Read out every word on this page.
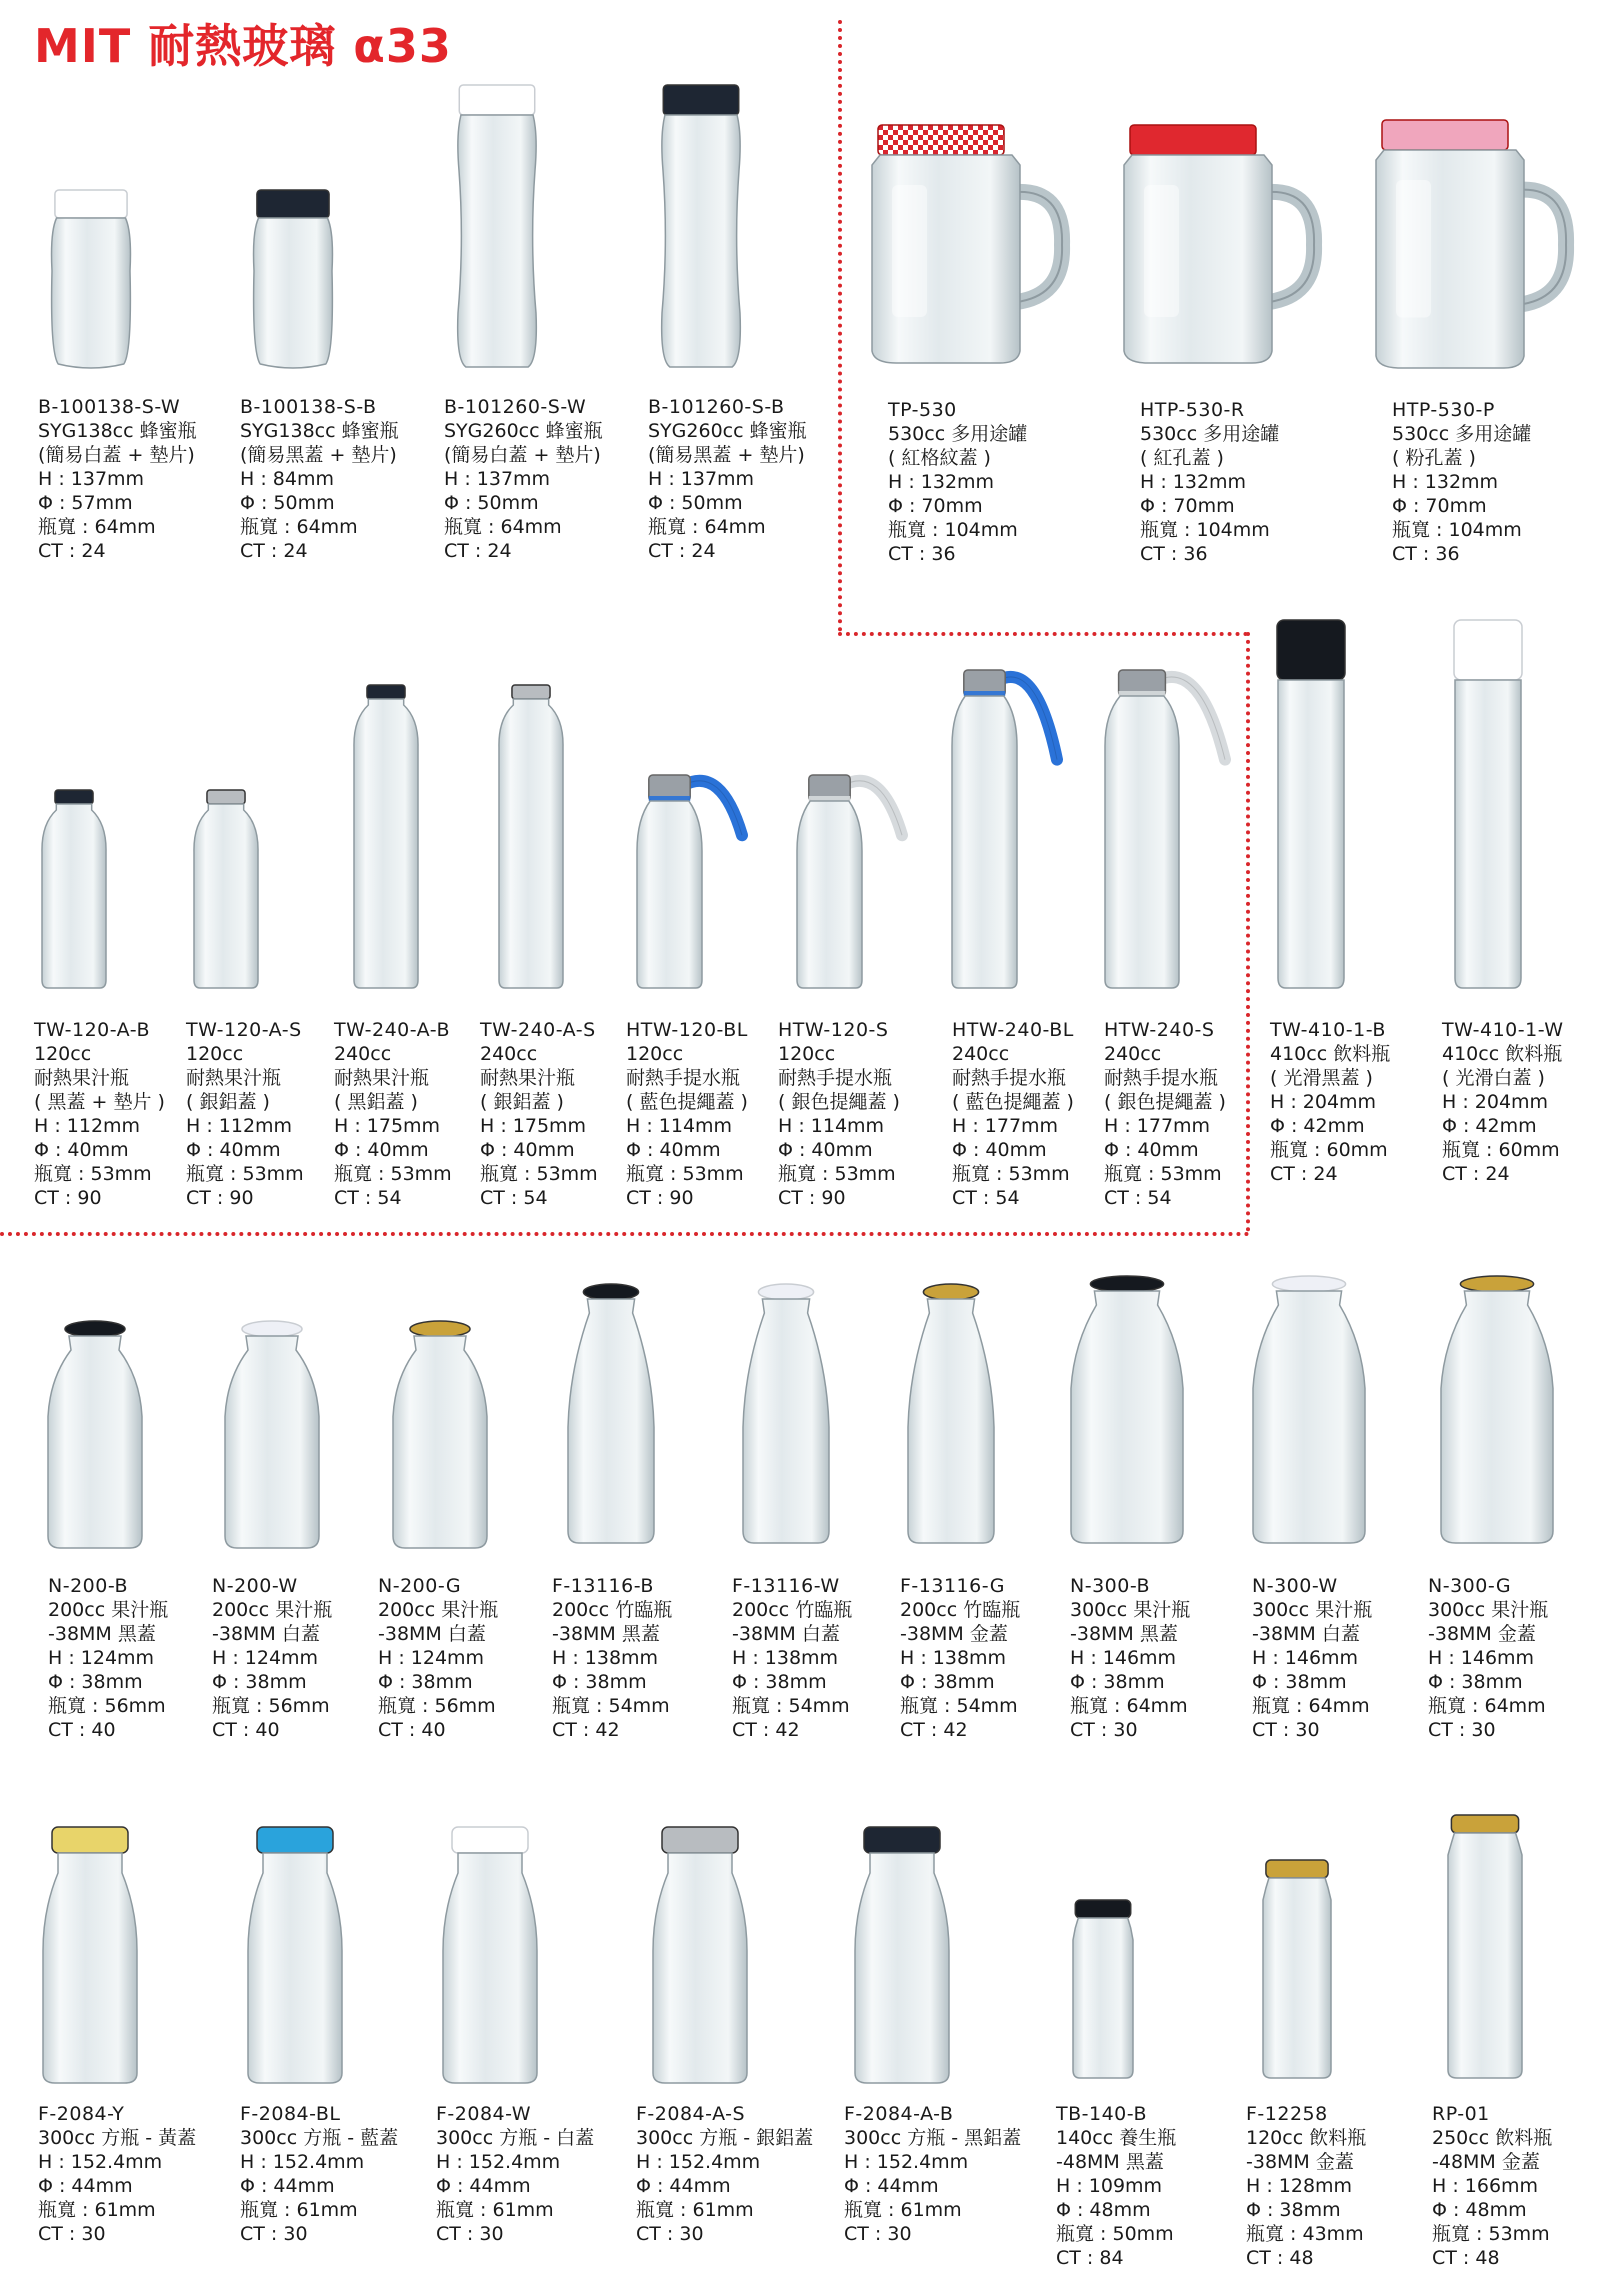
MIT 耐熱玻璃 α33
B-100138-S-W
SYG138cc 蜂蜜瓶
(簡易白蓋 + 墊片)
H : 137mm
Φ : 57mm
瓶寬 : 64mm
CT : 24
B-100138-S-B
SYG138cc 蜂蜜瓶
(簡易黑蓋 + 墊片)
H : 84mm
Φ : 50mm
瓶寬 : 64mm
CT : 24
B-101260-S-W
SYG260cc 蜂蜜瓶
(簡易白蓋 + 墊片)
H : 137mm
Φ : 50mm
瓶寬 : 64mm
CT : 24
B-101260-S-B
SYG260cc 蜂蜜瓶
(簡易黑蓋 + 墊片)
H : 137mm
Φ : 50mm
瓶寬 : 64mm
CT : 24
TP-530
530cc 多用途罐
( 紅格紋蓋 )
H : 132mm
Φ : 70mm
瓶寬 : 104mm
CT : 36
HTP-530-R
530cc 多用途罐
( 紅孔蓋 )
H : 132mm
Φ : 70mm
瓶寬 : 104mm
CT : 36
HTP-530-P
530cc 多用途罐
( 粉孔蓋 )
H : 132mm
Φ : 70mm
瓶寬 : 104mm
CT : 36
TW-120-A-B
120cc
耐熱果汁瓶
( 黑蓋 + 墊片 )
H : 112mm
Φ : 40mm
瓶寬 : 53mm
CT : 90
TW-120-A-S
120cc
耐熱果汁瓶
( 銀鋁蓋 )
H : 112mm
Φ : 40mm
瓶寬 : 53mm
CT : 90
TW-240-A-B
240cc
耐熱果汁瓶
( 黑鋁蓋 )
H : 175mm
Φ : 40mm
瓶寬 : 53mm
CT : 54
TW-240-A-S
240cc
耐熱果汁瓶
( 銀鋁蓋 )
H : 175mm
Φ : 40mm
瓶寬 : 53mm
CT : 54
HTW-120-BL
120cc
耐熱手提水瓶
( 藍色提繩蓋 )
H : 114mm
Φ : 40mm
瓶寬 : 53mm
CT : 90
HTW-120-S
120cc
耐熱手提水瓶
( 銀色提繩蓋 )
H : 114mm
Φ : 40mm
瓶寬 : 53mm
CT : 90
HTW-240-BL
240cc
耐熱手提水瓶
( 藍色提繩蓋 )
H : 177mm
Φ : 40mm
瓶寬 : 53mm
CT : 54
HTW-240-S
240cc
耐熱手提水瓶
( 銀色提繩蓋 )
H : 177mm
Φ : 40mm
瓶寬 : 53mm
CT : 54
TW-410-1-B
410cc 飲料瓶
( 光滑黑蓋 )
H : 204mm
Φ : 42mm
瓶寬 : 60mm
CT : 24
TW-410-1-W
410cc 飲料瓶
( 光滑白蓋 )
H : 204mm
Φ : 42mm
瓶寬 : 60mm
CT : 24
N-200-B
200cc 果汁瓶
-38MM 黑蓋
H : 124mm
Φ : 38mm
瓶寬 : 56mm
CT : 40
N-200-W
200cc 果汁瓶
-38MM 白蓋
H : 124mm
Φ : 38mm
瓶寬 : 56mm
CT : 40
N-200-G
200cc 果汁瓶
-38MM 白蓋
H : 124mm
Φ : 38mm
瓶寬 : 56mm
CT : 40
F-13116-B
200cc 竹臨瓶
-38MM 黑蓋
H : 138mm
Φ : 38mm
瓶寬 : 54mm
CT : 42
F-13116-W
200cc 竹臨瓶
-38MM 白蓋
H : 138mm
Φ : 38mm
瓶寬 : 54mm
CT : 42
F-13116-G
200cc 竹臨瓶
-38MM 金蓋
H : 138mm
Φ : 38mm
瓶寬 : 54mm
CT : 42
N-300-B
300cc 果汁瓶
-38MM 黑蓋
H : 146mm
Φ : 38mm
瓶寬 : 64mm
CT : 30
N-300-W
300cc 果汁瓶
-38MM 白蓋
H : 146mm
Φ : 38mm
瓶寬 : 64mm
CT : 30
N-300-G
300cc 果汁瓶
-38MM 金蓋
H : 146mm
Φ : 38mm
瓶寬 : 64mm
CT : 30
F-2084-Y
300cc 方瓶 - 黃蓋
H : 152.4mm
Φ : 44mm
瓶寬 : 61mm
CT : 30
F-2084-BL
300cc 方瓶 - 藍蓋
H : 152.4mm
Φ : 44mm
瓶寬 : 61mm
CT : 30
F-2084-W
300cc 方瓶 - 白蓋
H : 152.4mm
Φ : 44mm
瓶寬 : 61mm
CT : 30
F-2084-A-S
300cc 方瓶 - 銀鋁蓋
H : 152.4mm
Φ : 44mm
瓶寬 : 61mm
CT : 30
F-2084-A-B
300cc 方瓶 - 黑鋁蓋
H : 152.4mm
Φ : 44mm
瓶寬 : 61mm
CT : 30
TB-140-B
140cc 養生瓶
-48MM 黑蓋
H : 109mm
Φ : 48mm
瓶寬 : 50mm
CT : 84
F-12258
120cc 飲料瓶
-38MM 金蓋
H : 128mm
Φ : 38mm
瓶寬 : 43mm
CT : 48
RP-01
250cc 飲料瓶
-48MM 金蓋
H : 166mm
Φ : 48mm
瓶寬 : 53mm
CT : 48
